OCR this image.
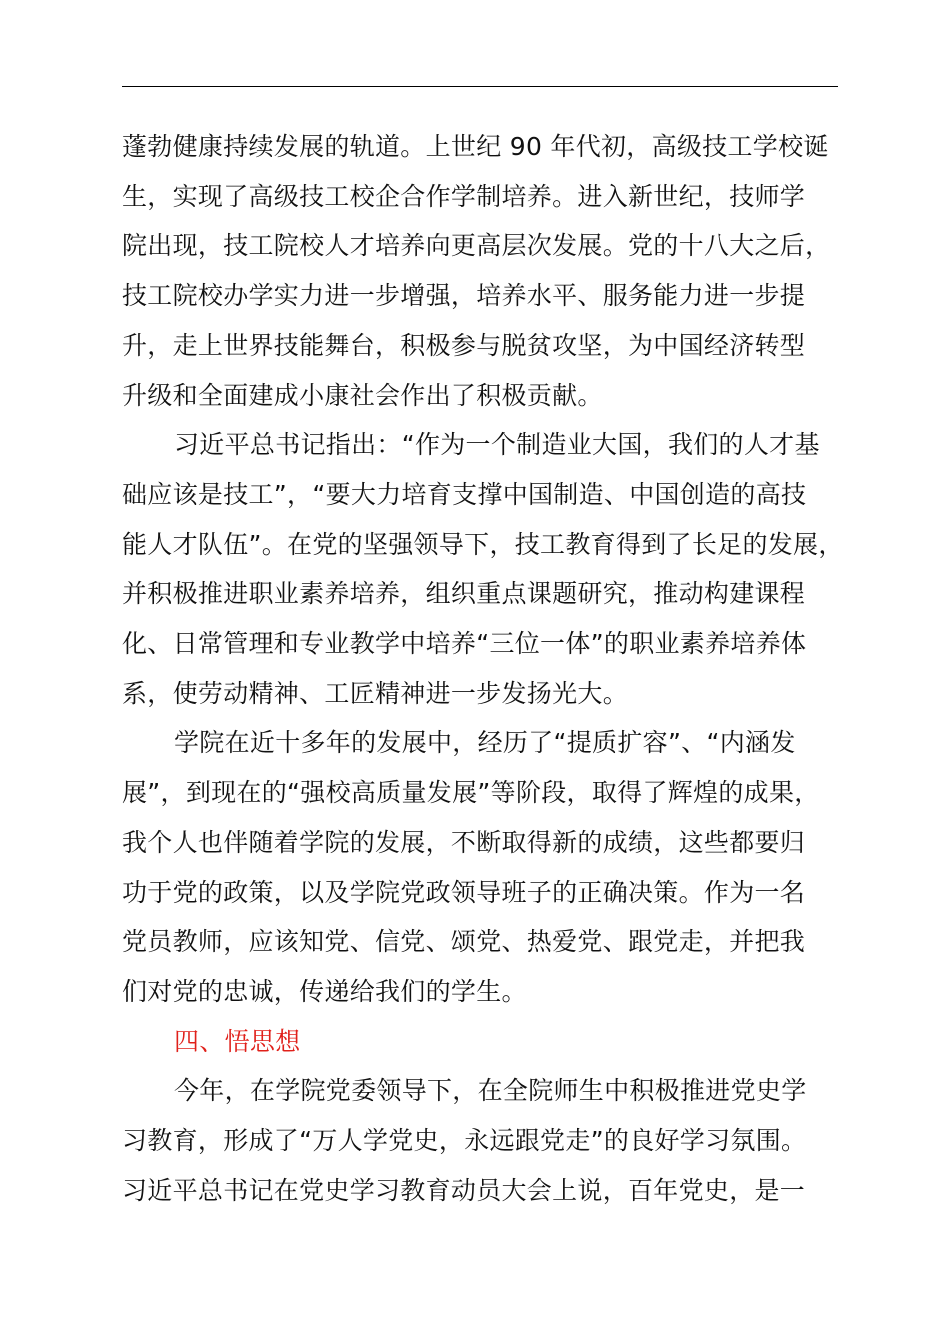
蓬勃健康持续发展的轨道。上世纪 90 年代初，高级技工学校诞
生，实现了高级技工校企合作学制培养。进入新世纪，技师学
院出现，技工院校人才培养向更高层次发展。党的十八大之后，
技工院校办学实力进一步增强，培养水平、服务能力进一步提
升，走上世界技能舞台，积极参与脱贫攻坚，为中国经济转型
升级和全面建成小康社会作出了积极贡献。
习近平总书记指出：“作为一个制造业大国，我们的人才基
础应该是技工”，“要大力培育支撑中国制造、中国创造的高技
能人才队伍”。在党的坚强领导下，技工教育得到了长足的发展，
并积极推进职业素养培养，组织重点课题研究，推动构建课程
化、日常管理和专业教学中培养“三位一体”的职业素养培养体
系，使劳动精神、工匠精神进一步发扬光大。
学院在近十多年的发展中，经历了“提质扩容”、“内涵发
展”，到现在的“强校高质量发展”等阶段，取得了辉煌的成果，
我个人也伴随着学院的发展，不断取得新的成绩，这些都要归
功于党的政策，以及学院党政领导班子的正确决策。作为一名
党员教师，应该知党、信党、颂党、热爱党、跟党走，并把我
们对党的忠诚，传递给我们的学生。
四、悟思想
今年，在学院党委领导下，在全院师生中积极推进党史学
习教育，形成了“万人学党史，永远跟党走”的良好学习氛围。
习近平总书记在党史学习教育动员大会上说，百年党史，是一
